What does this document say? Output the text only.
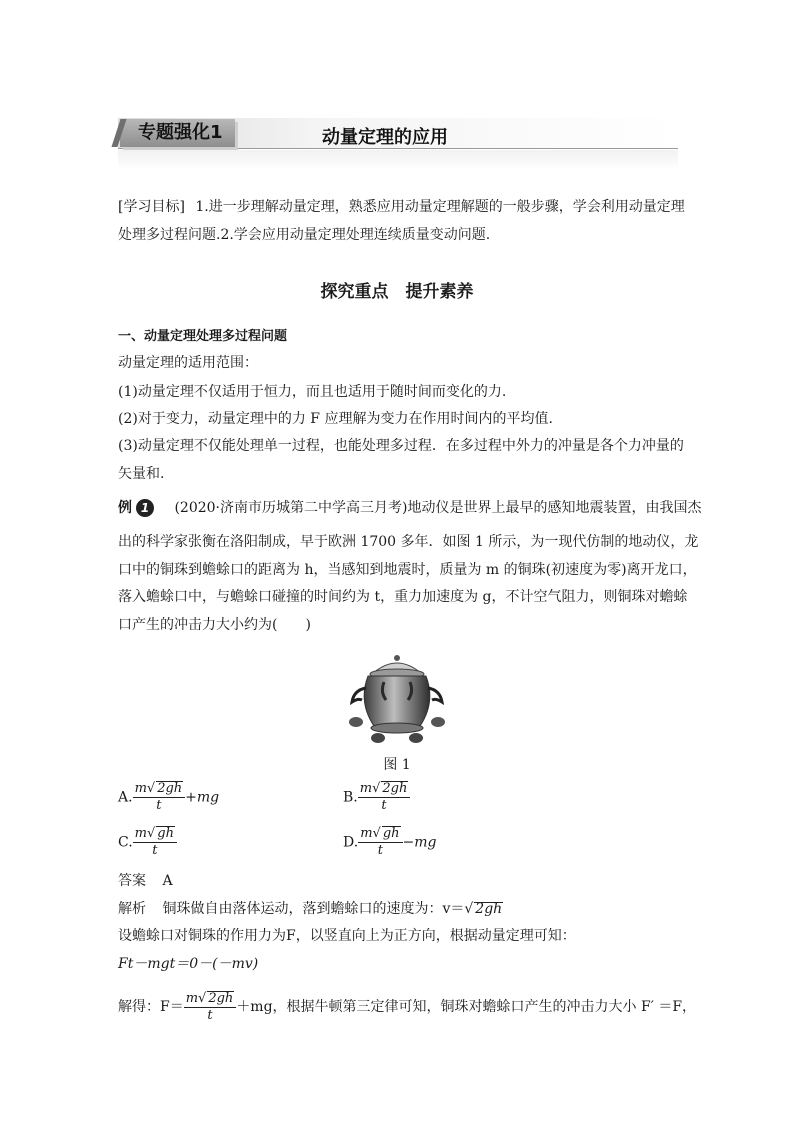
专题强化1	动量定理的应用
[学习目标] 1.进一步理解动量定理，熟悉应用动量定理解题的一般步骤，学会利用动量定理
处理多过程问题.2.学会应用动量定理处理连续质量变动问题.
探究重点　提升素养
一、动量定理处理多过程问题
动量定理的适用范围：
(1)动量定理不仅适用于恒力，而且也适用于随时间而变化的力.
(2)对于变力，动量定理中的力 F 应理解为变力在作用时间内的平均值.
(3)动量定理不仅能处理单一过程，也能处理多过程．在多过程中外力的冲量是各个力冲量的
矢量和.
例 1 (2020·济南市历城第二中学高三月考)地动仪是世界上最早的感知地震装置，由我国杰
出的科学家张衡在洛阳制成，早于欧洲 1700 多年．如图 1 所示，为一现代仿制的地动仪，龙
口中的铜珠到蟾蜍口的距离为 h，当感知到地震时，质量为 m 的铜珠(初速度为零)离开龙口，
落入蟾蜍口中，与蟾蜍口碰撞的时间约为 t，重力加速度为 g，不计空气阻力，则铜珠对蟾蜍
口产生的冲击力大小约为(　　)
图 1
A. $\frac{m√ 2gh}{t} +mg$	B. $\frac{m√ 2gh}{t}$
C. $\frac{m√ gh}{t}$	D. $\frac{m√ gh}{t} -mg$
答案 A
解析 铜珠做自由落体运动，落到蟾蜍口的速度为：v＝√ 2gh
设蟾蜍口对铜珠的作用力为F，以竖直向上为正方向，根据动量定理可知：
Ft－mgt＝0－(－mv)
解得：$F= \frac{m√ 2gh}{t} +mg$，根据牛顿第三定律可知，铜珠对蟾蜍口产生的冲击力大小 F′ ＝F，
